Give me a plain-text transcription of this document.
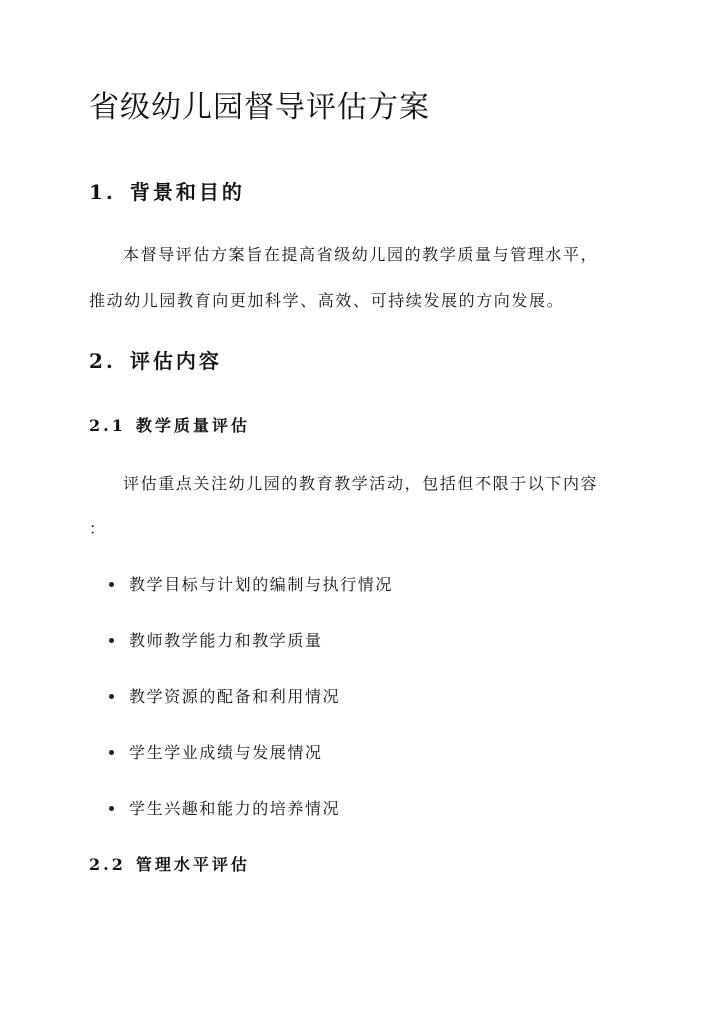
省级幼儿园督导评估方案
1. 背景和目的
本督导评估方案旨在提高省级幼儿园的教学质量与管理水平，
推动幼儿园教育向更加科学、高效、可持续发展的方向发展。
2. 评估内容
2.1 教学质量评估
评估重点关注幼儿园的教育教学活动，包括但不限于以下内容
：
教学目标与计划的编制与执行情况
教师教学能力和教学质量
教学资源的配备和利用情况
学生学业成绩与发展情况
学生兴趣和能力的培养情况
2.2 管理水平评估
